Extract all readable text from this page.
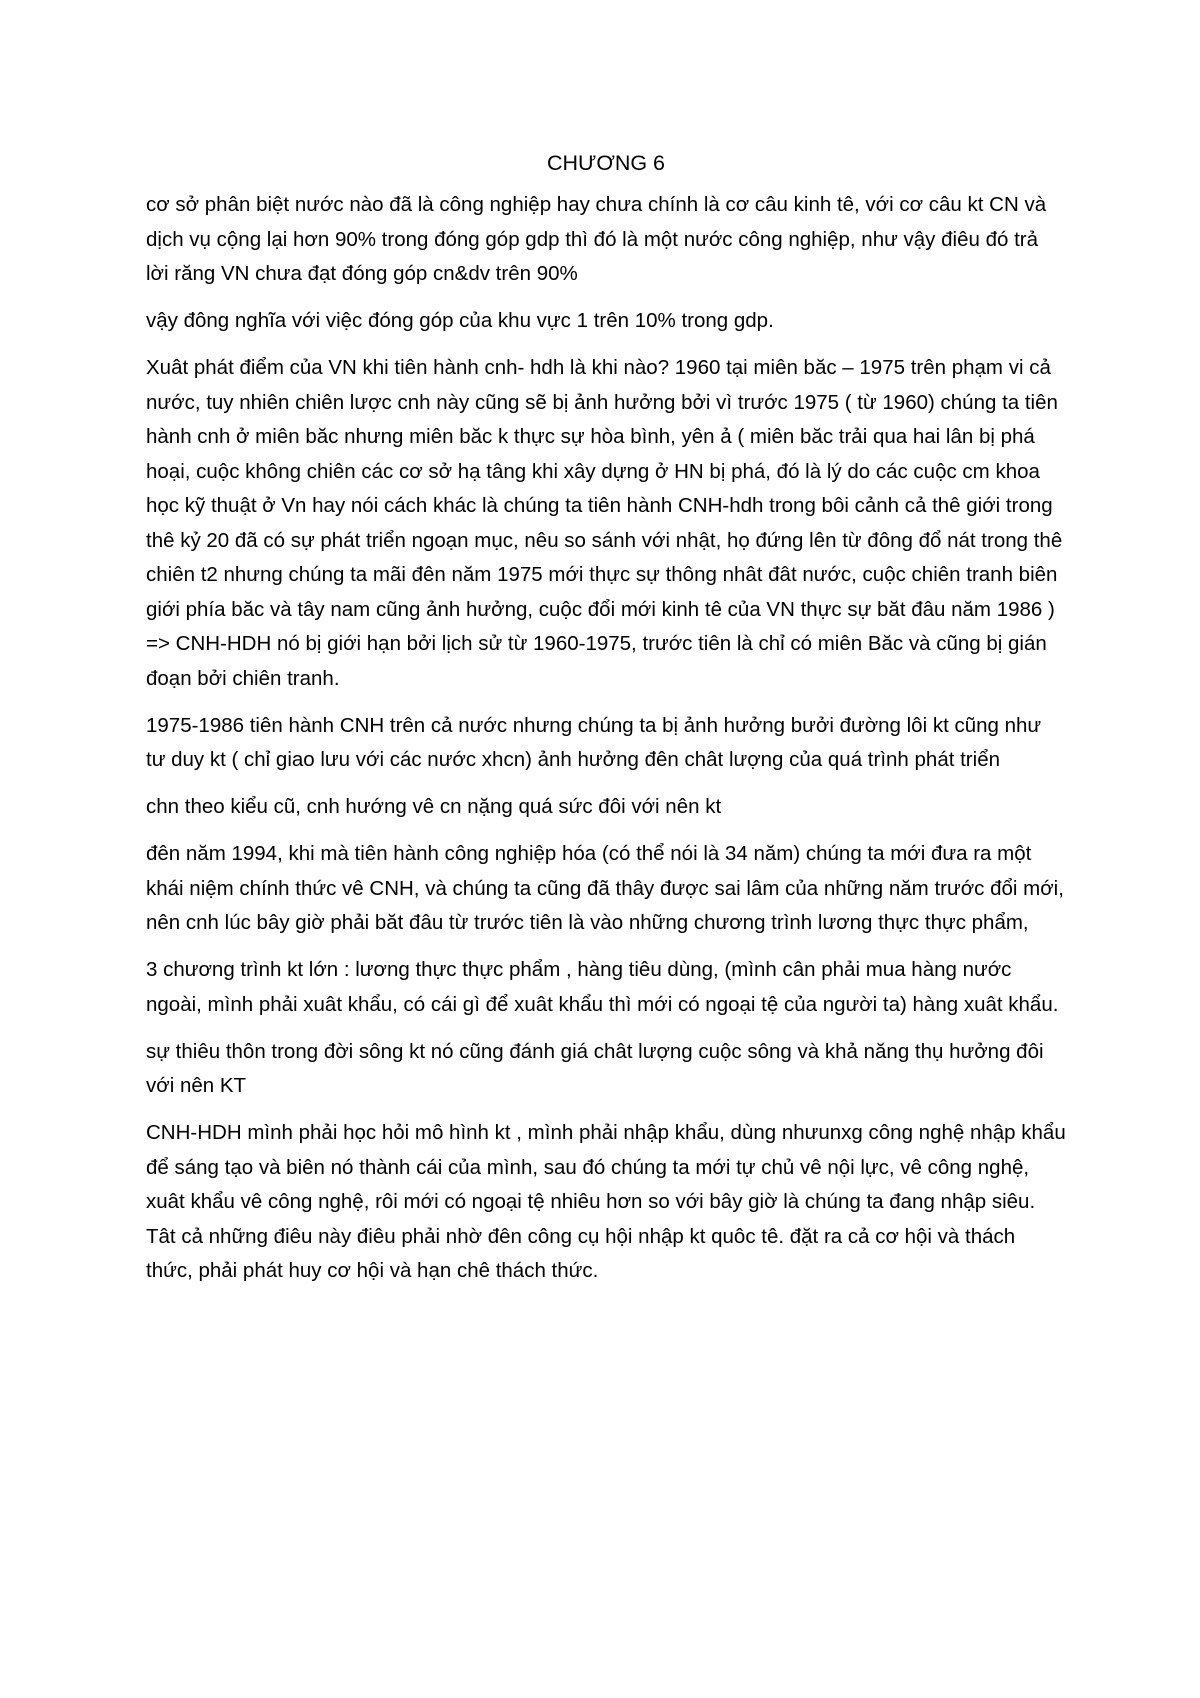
CHƯƠNG 6

cơ sở phân biệt nước nào đã là công nghiệp hay chưa chính là cơ câu kinh tê, với cơ câu kt CN và dịch vụ cộng lại hơn 90% trong đóng góp gdp thì đó là một nước công nghiệp, như vậy điêu đó trả lời răng VN chưa đạt đóng góp cn&dv trên 90%

vậy đông nghĩa với việc đóng góp của khu vực 1 trên 10% trong gdp.

Xuât phát điểm của VN khi tiên hành cnh- hdh là khi nào? 1960 tại miên băc – 1975 trên phạm vi cả nước, tuy nhiên chiên lược cnh này cũng sẽ bị ảnh hưởng bởi vì trước 1975 ( từ 1960) chúng ta tiên hành cnh ở miên băc nhưng miên băc k thực sự hòa bình, yên ả ( miên băc trải qua hai lân bị phá hoại, cuộc không chiên các cơ sở hạ tâng khi xây dựng ở HN bị phá, đó là lý do các cuộc cm khoa học kỹ thuật ở Vn hay nói cách khác là chúng ta tiên hành CNH-hdh trong bôi cảnh cả thê giới trong thê kỷ 20 đã có sự phát triển ngoạn mục, nêu so sánh với nhật, họ đứng lên từ đông đổ nát trong thê chiên t2 nhưng chúng ta mãi đên năm 1975 mới thực sự thông nhât đât nước, cuộc chiên tranh biên giới phía băc và tây nam cũng ảnh hưởng, cuộc đổi mới kinh tê của VN thực sự băt đâu năm 1986 ) => CNH-HDH nó bị giới hạn bởi lịch sử từ 1960-1975, trước tiên là chỉ có miên Băc và cũng bị gián đoạn bởi chiên tranh.

1975-1986 tiên hành CNH trên cả nước nhưng chúng ta bị ảnh hưởng bưởi đường lôi kt cũng như tư duy kt ( chỉ giao lưu với các nước xhcn) ảnh hưởng đên chât lượng của quá trình phát triển

chn theo kiểu cũ, cnh hướng vê cn nặng quá sức đôi với nên kt

đên năm 1994, khi mà tiên hành công nghiệp hóa (có thể nói là 34 năm) chúng ta mới đưa ra một khái niệm chính thức vê CNH, và chúng ta cũng đã thây được sai lâm của những năm trước đổi mới, nên cnh lúc bây giờ phải băt đâu từ trước tiên là vào những chương trình lương thực thực phẩm,

3 chương trình kt lớn : lương thực thực phẩm , hàng tiêu dùng, (mình cân phải mua hàng nước ngoài, mình phải xuât khẩu, có cái gì để xuât khẩu thì mới có ngoại tệ của người ta) hàng xuât khẩu.

sự thiêu thôn trong đời sông kt nó cũng đánh giá chât lượng cuộc sông và khả năng thụ hưởng đôi với nên KT

CNH-HDH mình phải học hỏi mô hình kt , mình phải nhập khẩu, dùng nhưunxg công nghệ nhập khẩu để sáng tạo và biên nó thành cái của mình, sau đó chúng ta mới tự chủ vê nội lực, vê công nghệ, xuât khẩu vê công nghệ, rôi mới có ngoại tệ nhiêu hơn so với bây giờ là chúng ta đang nhập siêu. Tât cả những điêu này điêu phải nhờ đên công cụ hội nhập kt quôc tê. đặt ra cả cơ hội và thách thức, phải phát huy cơ hội và hạn chê thách thức.
